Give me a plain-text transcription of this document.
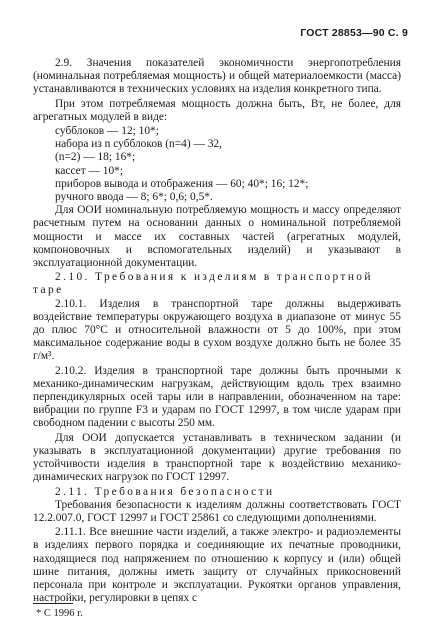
ГОСТ 28853—90 С. 9

2.9. Значения показателей экономичности энергопотребления (номинальная потребляемая мощность) и общей материалоемкости (масса) устанавливаются в технических условиях на изделия конкретного типа.

При этом потребляемая мощность должна быть, Вт, не более, для агрегатных модулей в виде:

субблоков — 12; 10*;

набора из n субблоков (n=4) — 32,

(n=2) — 18; 16*;

кассет — 10*;

приборов вывода и отображения — 60; 40*; 16; 12*;

ручного ввода — 8; 6*; 0,6; 0,5*.

Для ООИ номинальную потребляемую мощность и массу определяют расчетным путем на основании данных о номинальной потребляемой мощности и массе их составных частей (агрегатных модулей, компоновочных и вспомогательных изделий) и указывают в эксплуатационной документации.

2.10. Требования к изделиям в транспортной

таре

2.10.1. Изделия в транспортной таре должны выдерживать воздействие температуры окружающего воздуха в диапазоне от минус 55 до плюс 70°С и относительной влажности от 5 до 100%, при этом максимальное содержание воды в сухом воздухе должно быть не более 35 г/м³.

2.10.2. Изделия в транспортной таре должны быть прочными к механико-динамическим нагрузкам, действующим вдоль трех взаимно перпендикулярных осей тары или в направлении, обозначенном на таре: вибрации по группе F3 и ударам по ГОСТ 12997, в том числе ударам при свободном падении с высоты 250 мм.

Для ООИ допускается устанавливать в техническом задании (и указывать в эксплуатационной документации) другие требования по устойчивости изделия в транспортной таре к воздействию механико-динамических нагрузок по ГОСТ 12997.

2.11. Требования безопасности

Требования безопасности к изделиям должны соответствовать ГОСТ 12.2.007.0, ГОСТ 12997 и ГОСТ 25861 со следующими дополнениями.

2.11.1. Все внешние части изделий, а также электро- и радиоэлементы в изделиях первого порядка и соединяющие их печатные проводники, находящиеся под напряжением по отношению к корпусу и (или) общей шине питания, должны иметь защиту от случайных прикосновений персонала при контроле и эксплуатации. Рукоятки органов управления, настройки, регулировки в цепях с

* С 1996 г.
